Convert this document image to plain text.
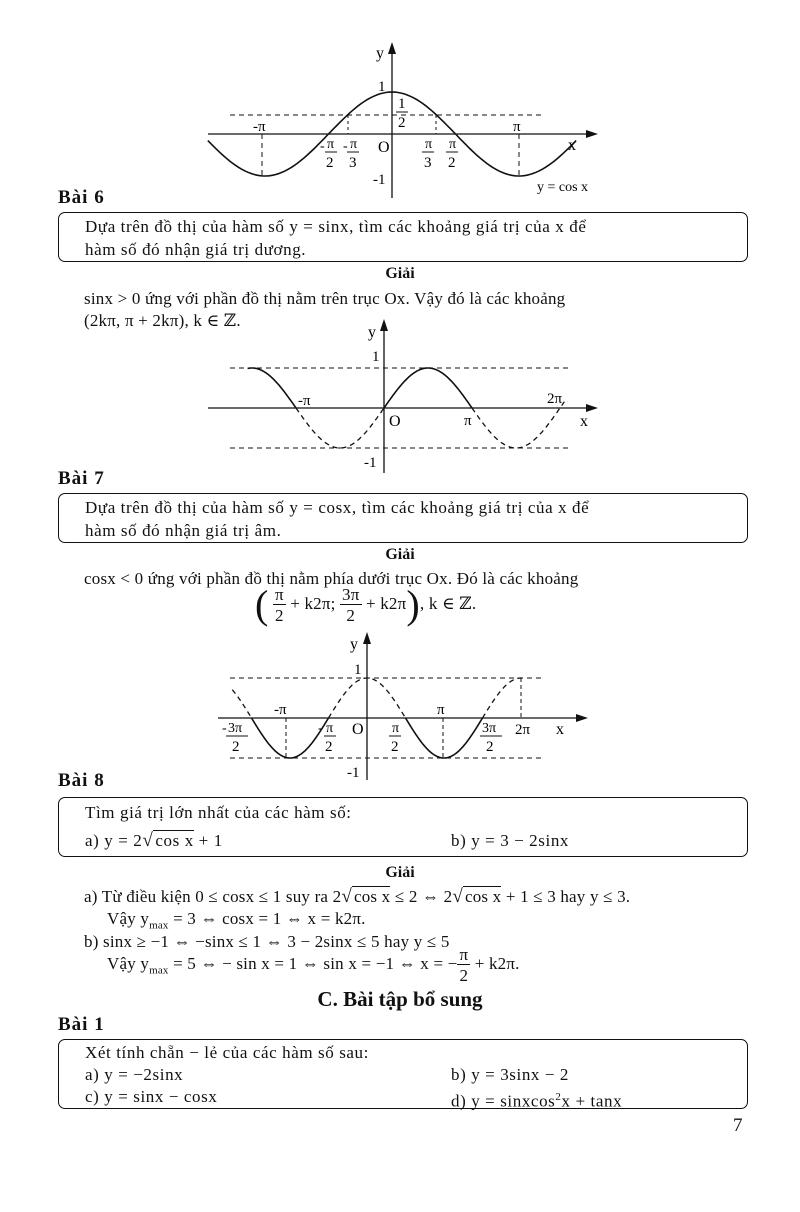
y
x
1
-1
O
-π	π
1
2
- π
2
- π
3
π
3
π
2
y = cos x
Bài 6
Dựa trên đồ thị của hàm số y = sinx, tìm các khoảng giá trị của x để
hàm số đó nhận giá trị dương.
Giải
sinx > 0 ứng với phần đồ thị nằm trên trục Ox. Vậy đó là các khoảng
(2kπ, π + 2kπ), k ∈ ℤ.
y
x
1
-1
O
-π
π
2π
Bài 7
Dựa trên đồ thị của hàm số y = cosx, tìm các khoảng giá trị của x để
hàm số đó nhận giá trị âm.
Giải
cosx < 0 ứng với phần đồ thị nằm phía dưới trục Ox. Đó là các khoảng
( $\frac{\pi}{2} + k2\pi$; $\frac{3\pi}{2} + k2\pi$), k ∈ ℤ.
y
x
1
-1
O
-π	π
2π
- 3π
2
- π
2
π
2
3π
2
Bài 8
Tìm giá trị lớn nhất của các hàm số:
a) y = 2√ cos x + 1	b) y = 3 − 2sinx
Giải
a) Từ điều kiện 0 ≤ cosx ≤ 1 suy ra 2√ cos x ≤ 2 ⇔ 2√ cos x + 1 ≤ 3 hay y ≤ 3.
Vậy $y_{max} = 3$ ⇔ cosx = 1 ⇔ x = k2π.
b) sinx ≥ −1 ⇔ −sinx ≤ 1 ⇔ 3 − 2sinx ≤ 5 hay y ≤ 5
Vậy $y_{max} = 5$ ⇔ − sin x = 1 ⇔ sin x = −1 ⇔ x = − $\frac{\pi}{2} + k2\pi$.
C. Bài tập bổ sung
Bài 1
Xét tính chẵn − lẻ của các hàm số sau:
a) y = −2sinx	b) y = 3sinx − 2
c) y = sinx − cosx	d) y = sinxcos$^2$x + tanx
7
